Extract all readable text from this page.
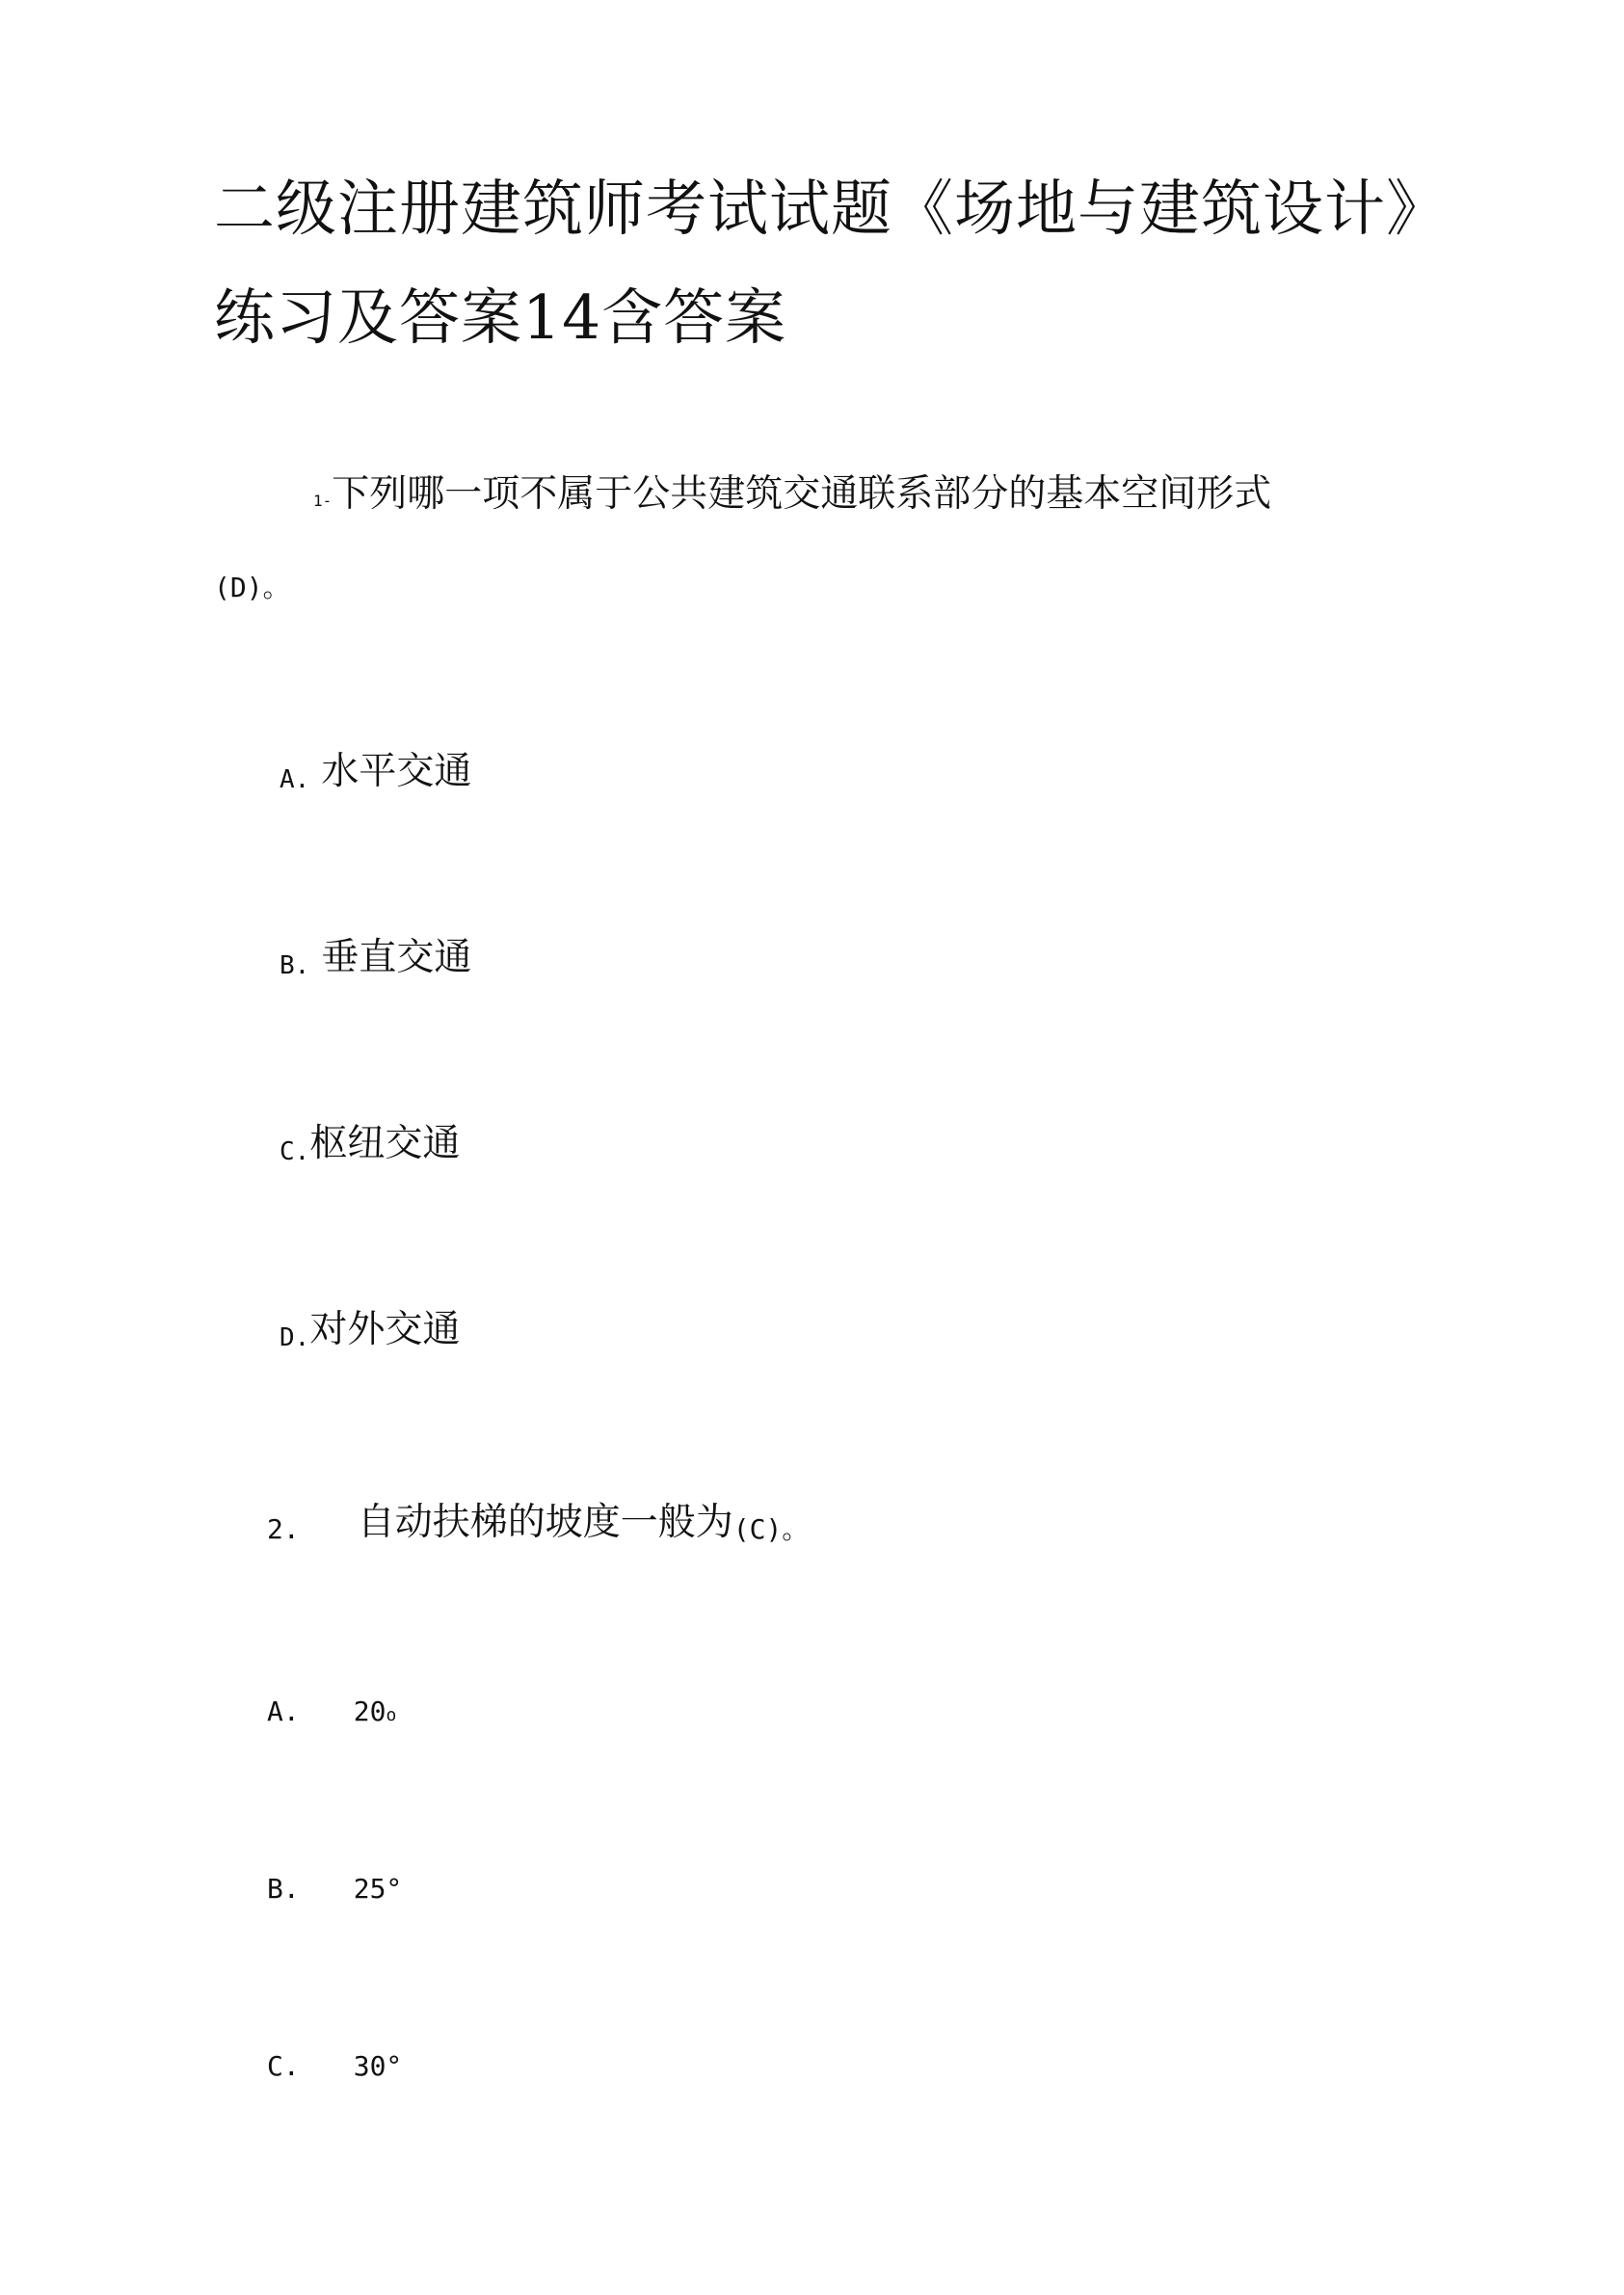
二级注册建筑师考试试题《场地与建筑设计》
练习及答案14含答案
1-下列哪一项不属于公共建筑交通联系部分的基本空间形式
(D)。
A. 水平交通
B. 垂直交通
C.枢纽交通
D.对外交通
2. 自动扶梯的坡度一般为(C)。
A. 20o
B. 25°
C. 30°
